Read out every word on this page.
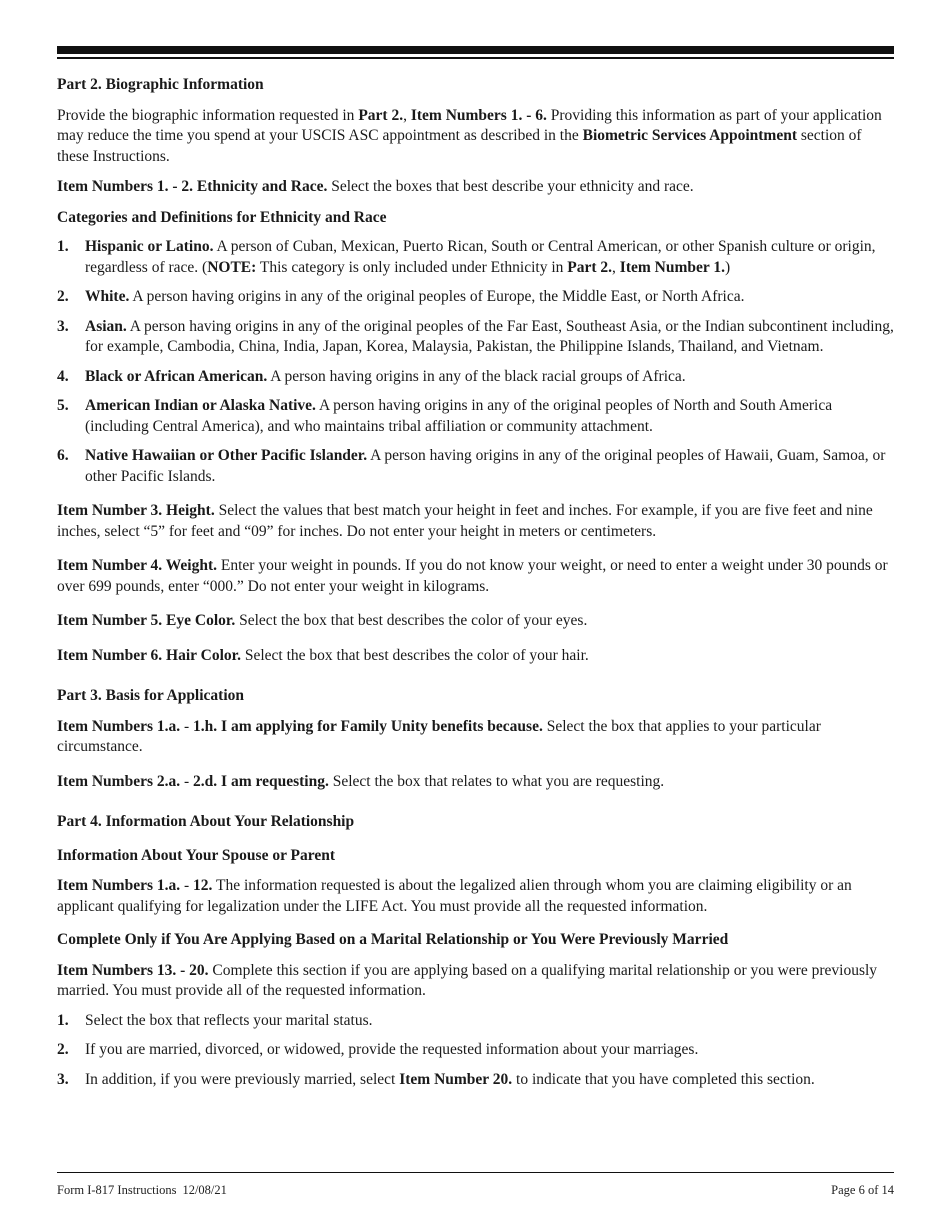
Part 2. Biographic Information

Provide the biographic information requested in Part 2., Item Numbers 1. - 6. Providing this information as part of your application may reduce the time you spend at your USCIS ASC appointment as described in the Biometric Services Appointment section of these Instructions.

Item Numbers 1. - 2. Ethnicity and Race. Select the boxes that best describe your ethnicity and race.

Categories and Definitions for Ethnicity and Race

1.	Hispanic or Latino. A person of Cuban, Mexican, Puerto Rican, South or Central American, or other Spanish culture or origin, regardless of race. (NOTE: This category is only included under Ethnicity in Part 2., Item Number 1.)
2.	White. A person having origins in any of the original peoples of Europe, the Middle East, or North Africa.
3.	Asian. A person having origins in any of the original peoples of the Far East, Southeast Asia, or the Indian subcontinent including, for example, Cambodia, China, India, Japan, Korea, Malaysia, Pakistan, the Philippine Islands, Thailand, and Vietnam.
4.	Black or African American. A person having origins in any of the black racial groups of Africa.
5.	American Indian or Alaska Native. A person having origins in any of the original peoples of North and South America (including Central America), and who maintains tribal affiliation or community attachment.
6.	Native Hawaiian or Other Pacific Islander. A person having origins in any of the original peoples of Hawaii, Guam, Samoa, or other Pacific Islands.

Item Number 3. Height. Select the values that best match your height in feet and inches. For example, if you are five feet and nine inches, select “5” for feet and “09” for inches. Do not enter your height in meters or centimeters.

Item Number 4. Weight. Enter your weight in pounds. If you do not know your weight, or need to enter a weight under 30 pounds or over 699 pounds, enter “000.” Do not enter your weight in kilograms.

Item Number 5. Eye Color. Select the box that best describes the color of your eyes.

Item Number 6. Hair Color. Select the box that best describes the color of your hair.

Part 3. Basis for Application

Item Numbers 1.a. - 1.h. I am applying for Family Unity benefits because. Select the box that applies to your particular circumstance.

Item Numbers 2.a. - 2.d. I am requesting. Select the box that relates to what you are requesting.

Part 4. Information About Your Relationship

Information About Your Spouse or Parent

Item Numbers 1.a. - 12. The information requested is about the legalized alien through whom you are claiming eligibility or an applicant qualifying for legalization under the LIFE Act. You must provide all the requested information.

Complete Only if You Are Applying Based on a Marital Relationship or You Were Previously Married

Item Numbers 13. - 20. Complete this section if you are applying based on a qualifying marital relationship or you were previously married. You must provide all of the requested information.

1.	Select the box that reflects your marital status.
2.	If you are married, divorced, or widowed, provide the requested information about your marriages.
3.	In addition, if you were previously married, select Item Number 20. to indicate that you have completed this section.
Form I-817 Instructions 12/08/21	Page 6 of 14
